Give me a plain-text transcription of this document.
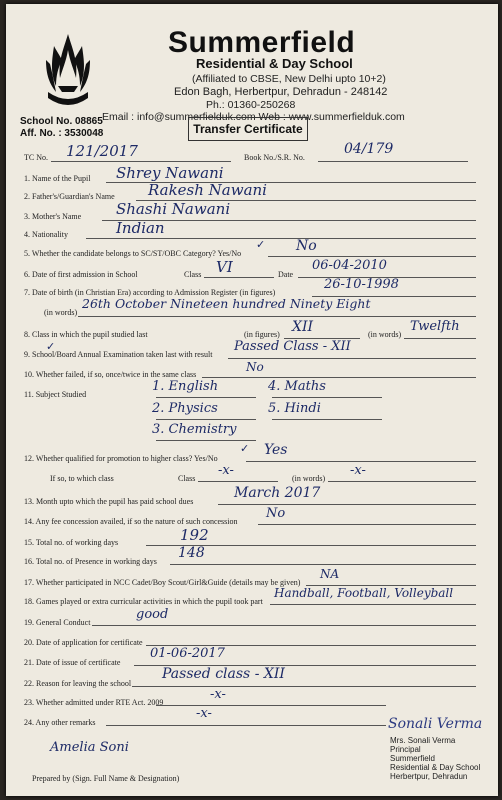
Summerfield
Residential & Day School
(Affiliated to CBSE, New Delhi upto 10+2)
Edon Bagh, Herbertpur, Dehradun - 248142
Ph.: 01360-250268
Email : info@summerfielduk.com Web : www.summerfielduk.com
School No. 08865
Aff. No. : 3530048	Transfer Certificate
TC No. 121/2017	Book No./S.R. No.
04/179
1. Name of the Pupil Shrey Nawani
2. Father's/Guardian's Name Rakesh Nawani
3. Mother's Name Shashi Nawani
4. Nationality	Indian
5. Whether the candidate belongs to SC/ST/OBC Category? Yes/No
✓ No
6. Date of first admission in School	Class VI	Date
06-04-2010
7. Date of birth (in Christian Era) according to Admission Register (in figures)
26-10-1998
(in words)
26th October Nineteen hundred Ninety Eight
8. Class in which the pupil studied last	(in figures) XII	(in words)
Twelfth
✓
9. School/Board Annual Examination taken last with result
Passed Class - XII
10. Whether failed, if so, once/twice in the same class
No
11. Subject Studied
1. English
2. Physics
3. Chemistry
4. Maths
5. Hindi
12. Whether qualified for promotion to higher class? Yes/No
✓ Yes
If so, to which class	Class
-x-
(in words)
-x-
13. Month upto which the pupil has paid school dues
March 2017
14. Any fee concession availed, if so the nature of such concession
No
15. Total no. of working days	192
16. Total no. of Presence in working days
148
17. Whether participated in NCC Cadet/Boy Scout/Girl&Guide (details may be given)
NA
18. Games played or extra curricular activities in which the pupil took part
Handball, Football, Volleyball
19. General Conduct
good
20. Date of application for certificate
21. Date of issue of certificate
01-06-2017
22. Reason for leaving the school
Passed class - XII
23. Whether admitted under RTE Act. 2009
-x-
24. Any other remarks
-x-
Amelia Soni
Prepared by (Sign. Full Name & Designation)
Sonali Verma
Mrs. Sonali Verma
Principal
Summerfield
Residential & Day School
Herbertpur, Dehradun
